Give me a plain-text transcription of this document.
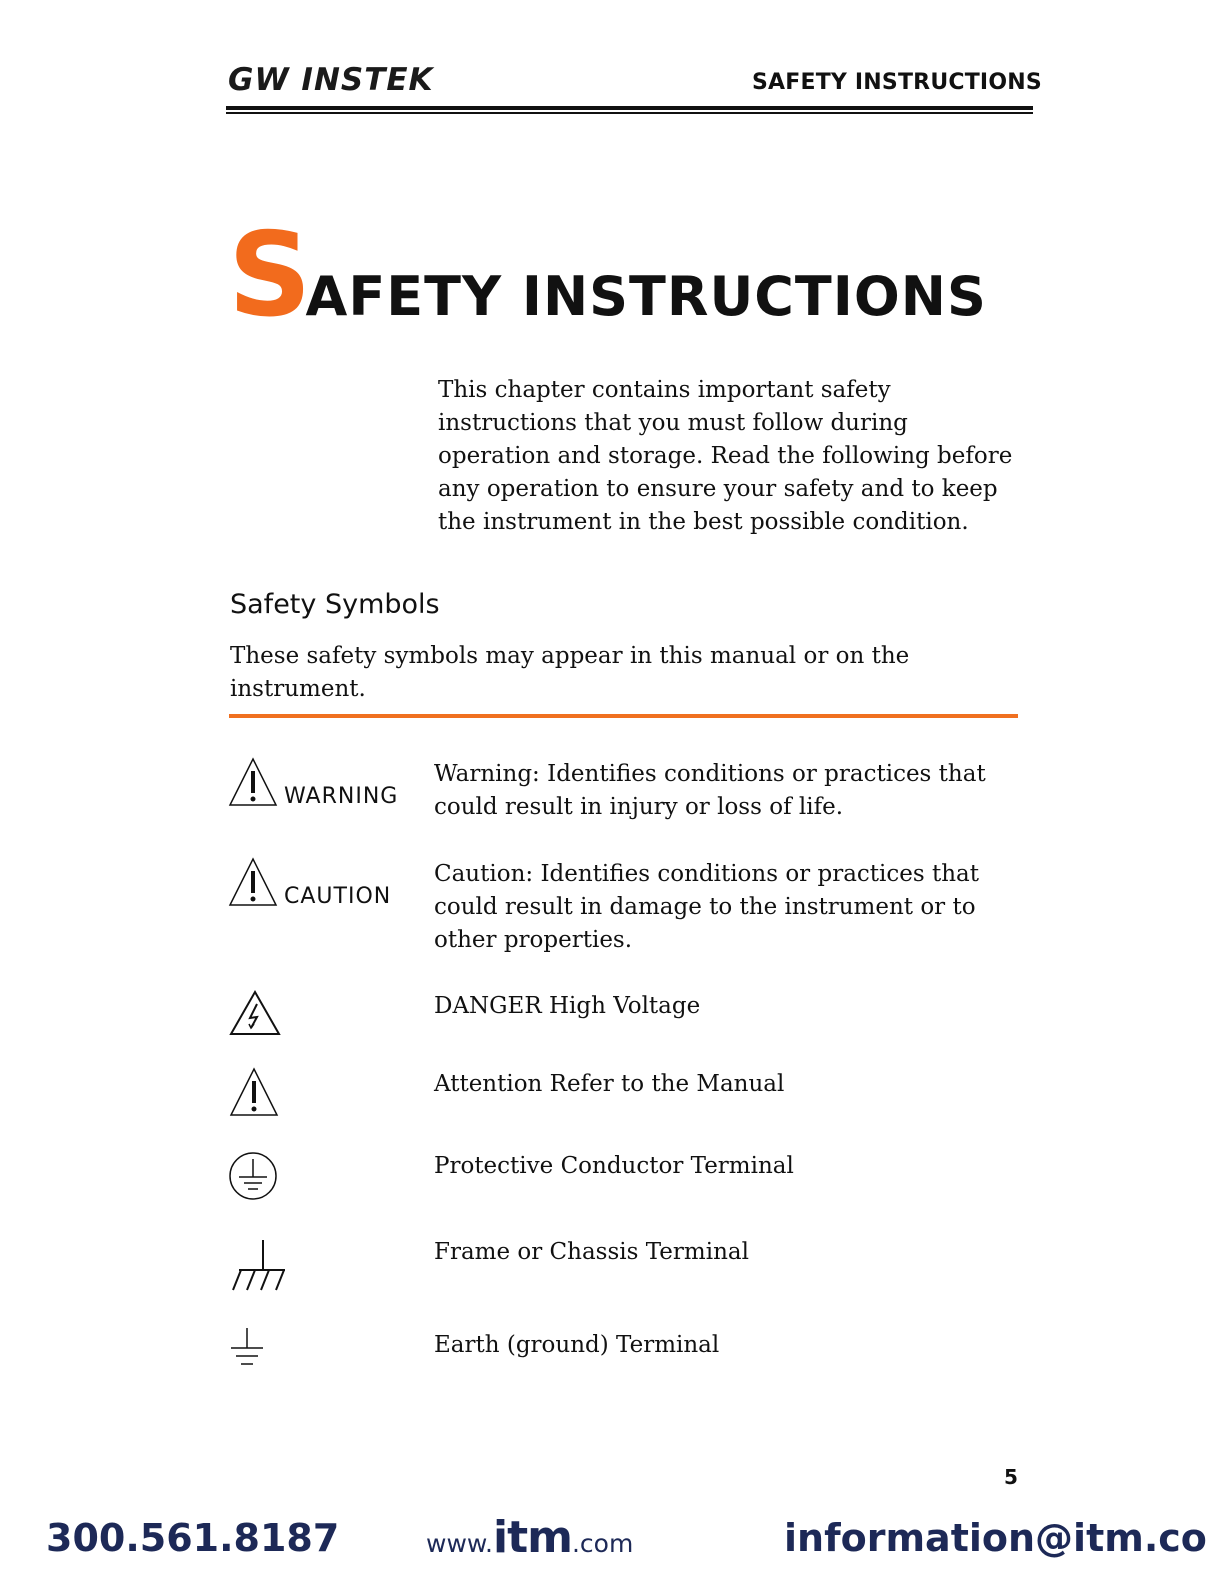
GW INSTEK	SAFETY INSTRUCTIONS
SAFETY INSTRUCTIONS
This chapter contains important safety instructions that you must follow during operation and storage. Read the following before any operation to ensure your safety and to keep the instrument in the best possible condition.
Safety Symbols
These safety symbols may appear in this manual or on the instrument.
WARNING
Warning: Identifies conditions or practices that could result in injury or loss of life.
CAUTION
Caution: Identifies conditions or practices that could result in damage to the instrument or to other properties.
DANGER High Voltage
Attention Refer to the Manual
Protective Conductor Terminal
Frame or Chassis Terminal
Earth (ground) Terminal
5
300.561.8187	www.itm.com	information@itm.co
